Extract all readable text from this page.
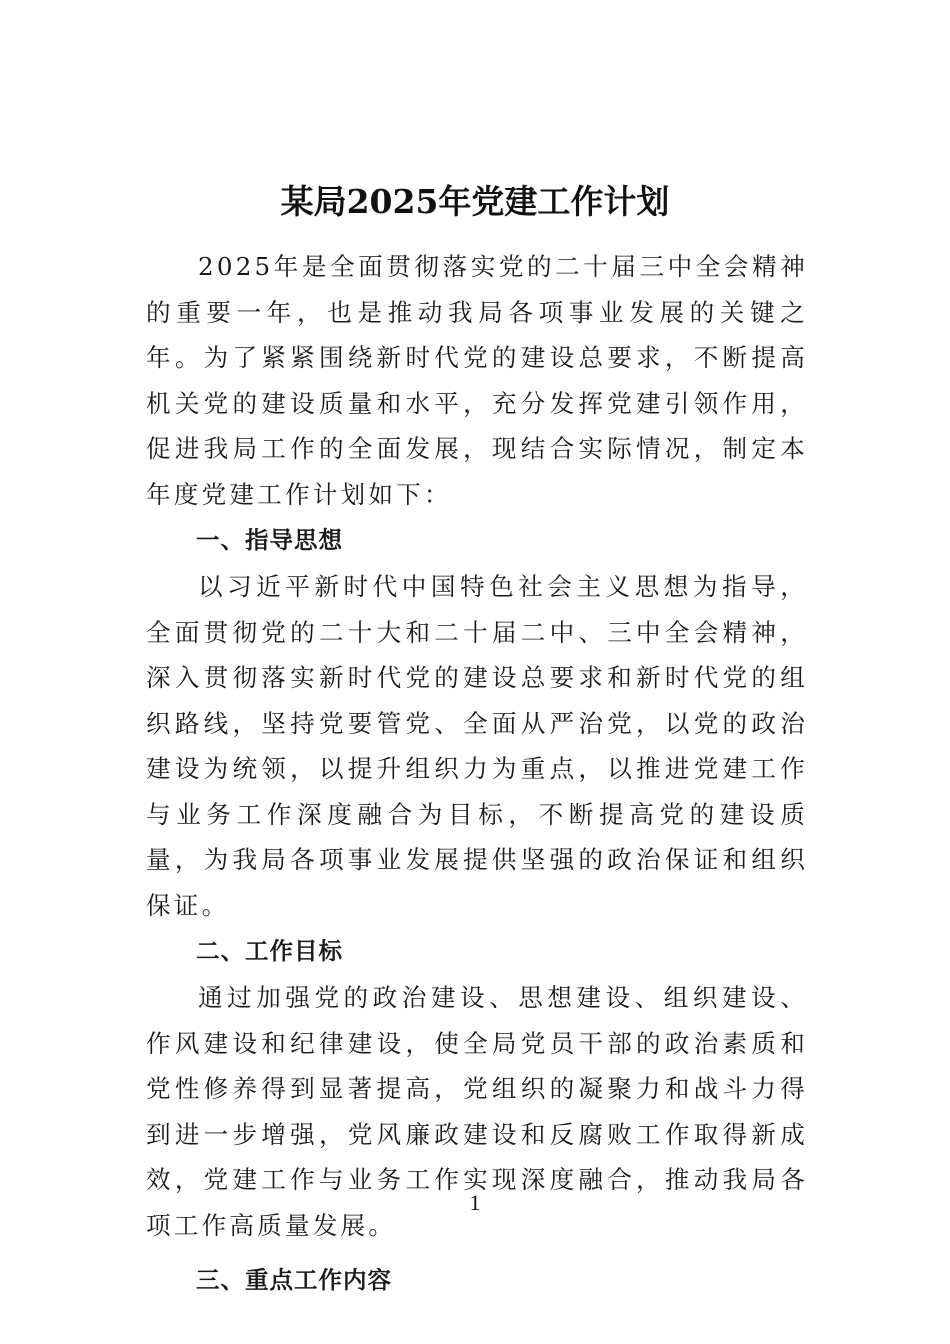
某局2025年党建工作计划

2025年是全面贯彻落实党的二十届三中全会精神的重要一年，也是推动我局各项事业发展的关键之年。为了紧紧围绕新时代党的建设总要求，不断提高机关党的建设质量和水平，充分发挥党建引领作用，促进我局工作的全面发展，现结合实际情况，制定本年度党建工作计划如下：

一、指导思想

以习近平新时代中国特色社会主义思想为指导，全面贯彻党的二十大和二十届二中、三中全会精神，深入贯彻落实新时代党的建设总要求和新时代党的组织路线，坚持党要管党、全面从严治党，以党的政治建设为统领，以提升组织力为重点，以推进党建工作与业务工作深度融合为目标，不断提高党的建设质量，为我局各项事业发展提供坚强的政治保证和组织保证。

二、工作目标

通过加强党的政治建设、思想建设、组织建设、作风建设和纪律建设，使全局党员干部的政治素质和党性修养得到显著提高，党组织的凝聚力和战斗力得到进一步增强，党风廉政建设和反腐败工作取得新成效，党建工作与业务工作实现深度融合，推动我局各项工作高质量发展。

三、重点工作内容

1
